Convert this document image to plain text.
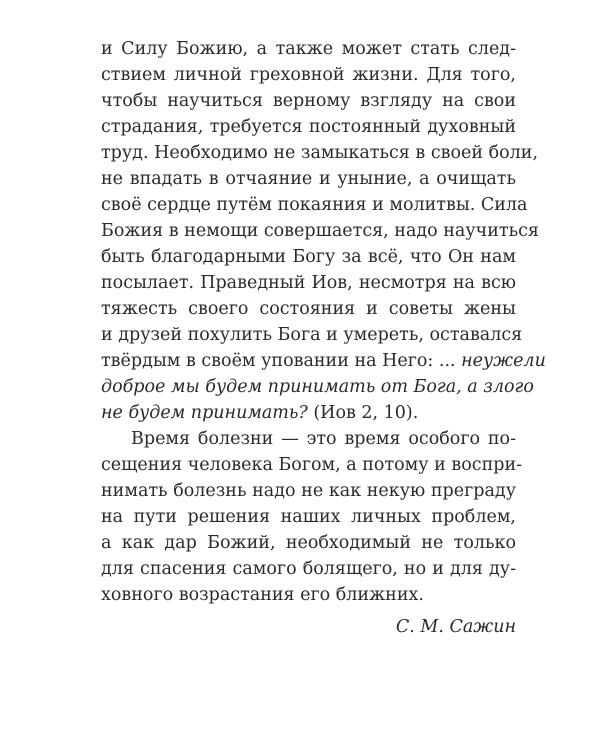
и Силу Божию, а также может стать след-
ствием личной греховной жизни. Для того,
чтобы научиться верному взгляду на свои
страдания, требуется постоянный духовный
труд. Необходимо не замыкаться в своей боли,
не впадать в отчаяние и уныние, а очищать
своё сердце путём покаяния и молитвы. Сила
Божия в немощи совершается, надо научиться
быть благодарными Богу за всё, что Он нам
посылает. Праведный Иов, несмотря на всю
тяжесть своего состояния и советы жены
и друзей похулить Бога и умереть, оставался
твёрдым в своём уповании на Него: ... неужели
доброе мы будем принимать от Бога, а злого
не будем принимать? (Иов 2, 10).
Время болезни — это время особого по-
сещения человека Богом, а потому и воспри-
нимать болезнь надо не как некую преграду
на пути решения наших личных проблем,
а как дар Божий, необходимый не только
для спасения самого болящего, но и для ду-
ховного возрастания его ближних.
С. М. Сажин
